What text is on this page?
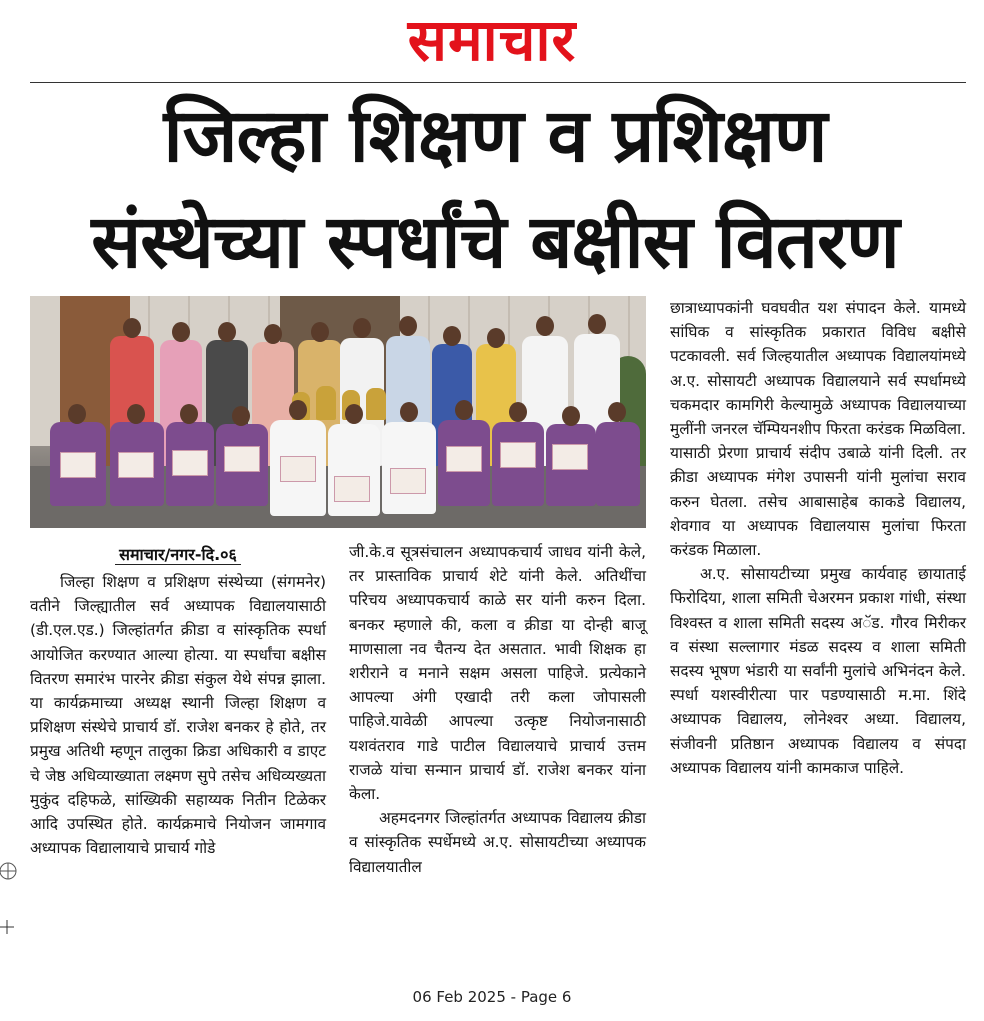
समाचार
जिल्हा शिक्षण व प्रशिक्षण
संस्थेच्या स्पर्धांचे बक्षीस वितरण
समाचार/नगर-दि.०६

जिल्हा शिक्षण व प्रशिक्षण संस्थेच्या (संगमनेर) वतीने जिल्ह्यातील सर्व अध्यापक विद्यालयासाठी (डी.एल.एड.) जिल्हांतर्गत क्रीडा व सांस्कृतिक स्पर्धा आयोजित करण्यात आल्या होत्या. या स्पर्धांचा बक्षीस वितरण समारंभ पारनेर क्रीडा संकुल येथे संपन्न झाला. या कार्यक्रमाच्या अध्यक्ष स्थानी जिल्हा शिक्षण व प्रशिक्षण संस्थेचे प्राचार्य डॉ. राजेश बनकर हे होते, तर प्रमुख अतिथी म्हणून तालुका क्रिडा अधिकारी व डाएट चे जेष्ठ अधिव्याख्याता लक्ष्मण सुपे तसेच अधिव्यख्यता मुकुंद दहिफळे, सांख्यिकी सहाय्यक नितीन टिळेकर आदि उपस्थित होते. कार्यक्रमाचे नियोजन जामगाव अध्यापक विद्यालायाचे प्राचार्य गोडे

जी.के.व सूत्रसंचालन अध्यापकचार्य जाधव यांनी केले, तर प्रास्ताविक प्राचार्य शेटे यांनी केले. अतिथींचा परिचय अध्यापकचार्य काळे सर यांनी करुन दिला. बनकर म्हणाले की, कला व क्रीडा या दोन्ही बाजू माणसाला नव चैतन्य देत असतात. भावी शिक्षक हा शरीराने व मनाने सक्षम असला पाहिजे. प्रत्येकाने आपल्या अंगी एखादी तरी कला जोपासली पाहिजे.यावेळी आपल्या उत्कृष्ट नियोजनासाठी यशवंतराव गाडे पाटील विद्यालयाचे प्राचार्य उत्तम राजळे यांचा सन्मान प्राचार्य डॉ. राजेश बनकर यांना केला.

अहमदनगर जिल्हांतर्गत अध्यापक विद्यालय क्रीडा व सांस्कृतिक स्पर्धेमध्ये अ.ए. सोसायटीच्या अध्यापक विद्यालयातील

छात्राध्यापकांनी घवघवीत यश संपादन केले. यामध्ये सांघिक व सांस्कृतिक प्रकारात विविध बक्षीसे पटकावली. सर्व जिल्हयातील अध्यापक विद्यालयांमध्ये अ.ए. सोसायटी अध्यापक विद्यालयाने सर्व स्पर्धामध्ये चकमदार कामगिरी केल्यामुळे अध्यापक विद्यालयाच्या मुलींनी जनरल चॅम्पियनशीप फिरता करंडक मिळविला. यासाठी प्रेरणा प्राचार्य संदीप उबाळे यांनी दिली. तर क्रीडा अध्यापक मंगेश उपासनी यांनी मुलांचा सराव करुन घेतला. तसेच आबासाहेब काकडे विद्यालय, शेवगाव या अध्यापक विद्यालयास मुलांचा फिरता करंडक मिळाला.

अ.ए. सोसायटीच्या प्रमुख कार्यवाह छायाताई फिरोदिया, शाला समिती चेअरमन प्रकाश गांधी, संस्था विश्वस्त व शाला समिती सदस्य अॅड. गौरव मिरीकर व संस्था सल्लागार मंडळ सदस्य व शाला समिती सदस्य भूषण भंडारी या सर्वांनी मुलांचे अभिनंदन केले. स्पर्धा यशस्वीरीत्या पार पडण्यासाठी म.मा. शिंदे अध्यापक विद्यालय, लोनेश्वर अध्या. विद्यालय, संजीवनी प्रतिष्ठान अध्यापक विद्यालय व संपदा अध्यापक विद्यालय यांनी कामकाज पाहिले.

06 Feb 2025 - Page 6
